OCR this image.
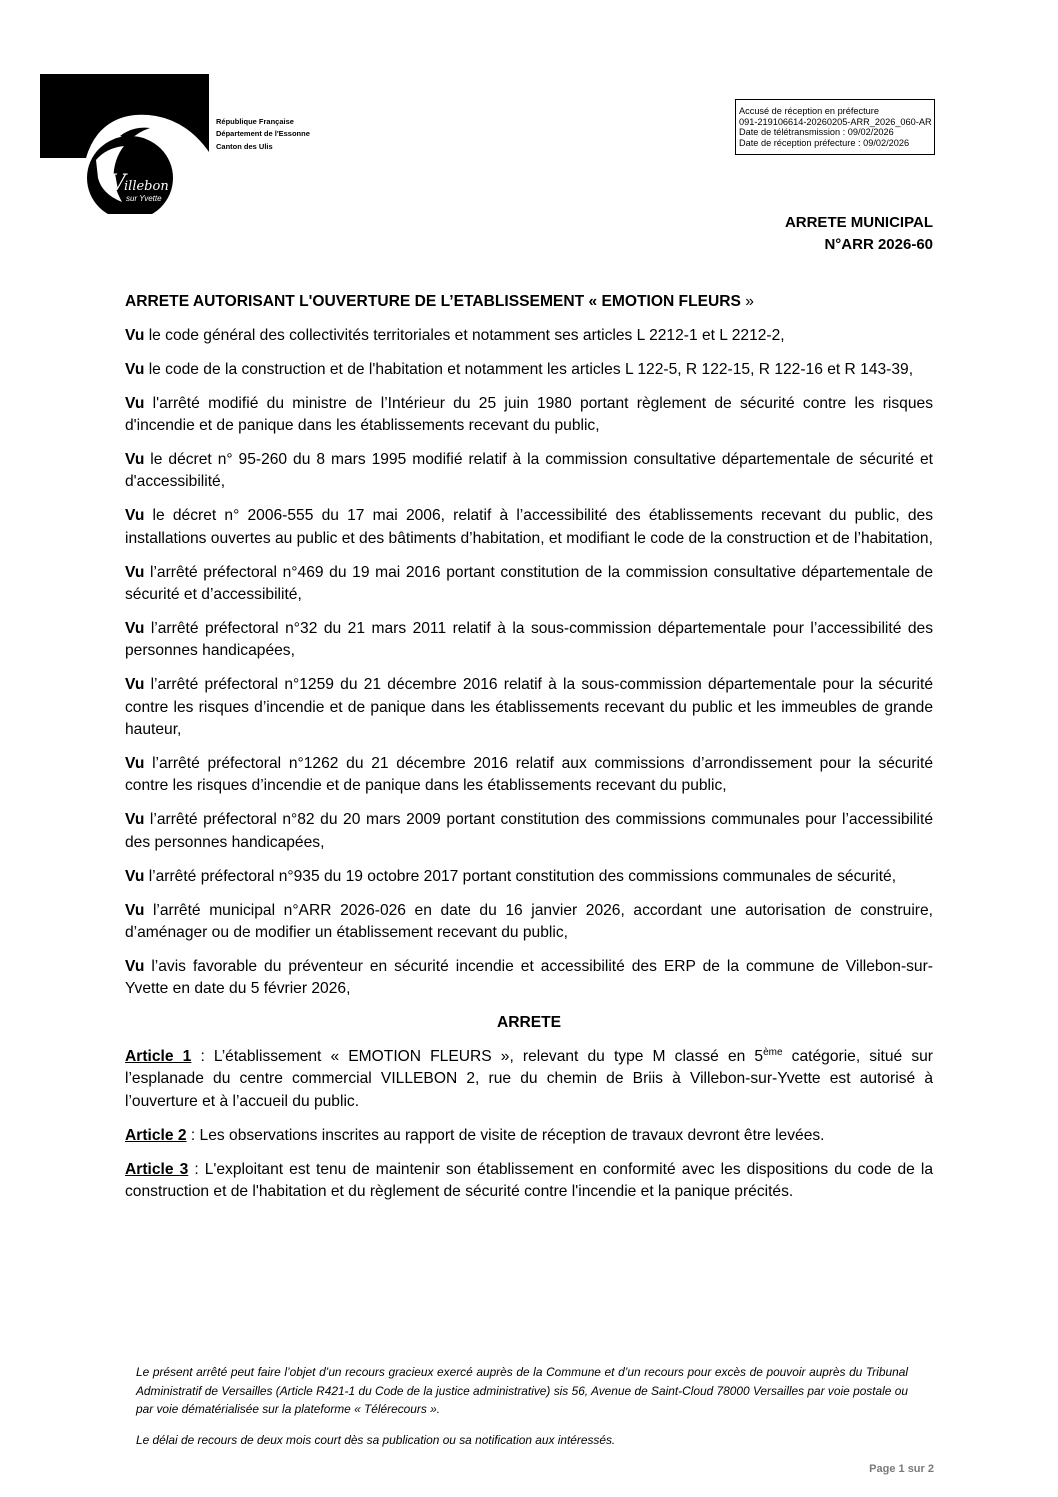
V
illebon
sur Yvette
République Française
Département de l'Essonne
Canton des Ulis
Accusé de réception en préfecture
091-219106614-20260205-ARR_2026_060-AR
Date de télétransmission : 09/02/2026
Date de réception préfecture : 09/02/2026
ARRETE MUNICIPAL
N°ARR 2026-60

ARRETE AUTORISANT L'OUVERTURE DE L’ETABLISSEMENT « EMOTION FLEURS »

Vu le code général des collectivités territoriales et notamment ses articles L 2212-1 et L 2212-2,

Vu le code de la construction et de l'habitation et notamment les articles L 122-5, R 122-15, R 122-16 et R 143-39,

Vu l'arrêté modifié du ministre de l’Intérieur du 25 juin 1980 portant règlement de sécurité contre les risques d'incendie et de panique dans les établissements recevant du public,

Vu le décret n° 95-260 du 8 mars 1995 modifié relatif à la commission consultative départementale de sécurité et d'accessibilité,

Vu le décret n° 2006-555 du 17 mai 2006, relatif à l’accessibilité des établissements recevant du public, des installations ouvertes au public et des bâtiments d’habitation, et modifiant le code de la construction et de l’habitation,

Vu l’arrêté préfectoral n°469 du 19 mai 2016 portant constitution de la commission consultative départementale de sécurité et d’accessibilité,

Vu l’arrêté préfectoral n°32 du 21 mars 2011 relatif à la sous-commission départementale pour l’accessibilité des personnes handicapées,

Vu l’arrêté préfectoral n°1259 du 21 décembre 2016 relatif à la sous-commission départementale pour la sécurité contre les risques d’incendie et de panique dans les établissements recevant du public et les immeubles de grande hauteur,

Vu l’arrêté préfectoral n°1262 du 21 décembre 2016 relatif aux commissions d’arrondissement pour la sécurité contre les risques d’incendie et de panique dans les établissements recevant du public,

Vu l’arrêté préfectoral n°82 du 20 mars 2009 portant constitution des commissions communales pour l’accessibilité des personnes handicapées,

Vu l’arrêté préfectoral n°935 du 19 octobre 2017 portant constitution des commissions communales de sécurité,

Vu l’arrêté municipal n°ARR 2026-026 en date du 16 janvier 2026, accordant une autorisation de construire, d’aménager ou de modifier un établissement recevant du public,

Vu l’avis favorable du préventeur en sécurité incendie et accessibilité des ERP de la commune de Villebon-sur-Yvette en date du 5 février 2026,

ARRETE

Article 1 : L’établissement « EMOTION FLEURS », relevant du type M classé en 5ème catégorie, situé sur l’esplanade du centre commercial VILLEBON 2, rue du chemin de Briis à Villebon-sur-Yvette est autorisé à l’ouverture et à l’accueil du public.

Article 2 : Les observations inscrites au rapport de visite de réception de travaux devront être levées.

Article 3 : L'exploitant est tenu de maintenir son établissement en conformité avec les dispositions du code de la construction et de l'habitation et du règlement de sécurité contre l'incendie et la panique précités.

Le présent arrêté peut faire l’objet d’un recours gracieux exercé auprès de la Commune et d’un recours pour excès de pouvoir auprès du Tribunal Administratif de Versailles (Article R421-1 du Code de la justice administrative) sis 56, Avenue de Saint-Cloud 78000 Versailles par voie postale ou par voie dématérialisée sur la plateforme « Télérecours ».

Le délai de recours de deux mois court dès sa publication ou sa notification aux intéressés.

Page 1 sur 2
